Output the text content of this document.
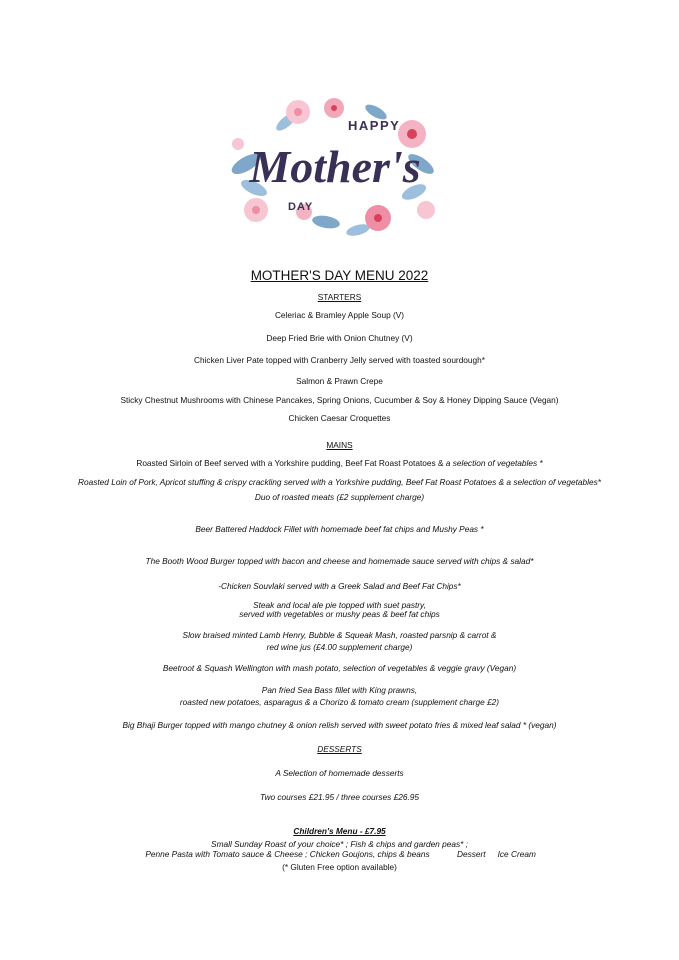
HAPPY
Mother's
DAY
MOTHER'S DAY MENU 2022
STARTERS
Celeriac & Bramley Apple Soup (V)
Deep Fried Brie with Onion Chutney (V)
Chicken Liver Pate topped with Cranberry Jelly served with toasted sourdough*
Salmon & Prawn Crepe
Sticky Chestnut Mushrooms with Chinese Pancakes, Spring Onions, Cucumber & Soy & Honey Dipping Sauce (Vegan)
Chicken Caesar Croquettes
MAINS
Roasted Sirloin of Beef served with a Yorkshire pudding, Beef Fat Roast Potatoes & a selection of vegetables *
Roasted Loin of Pork, Apricot stuffing & crispy crackling served with a Yorkshire pudding, Beef Fat Roast Potatoes & a selection of vegetables*
Duo of roasted meats (£2 supplement charge)
Beer Battered Haddock Fillet with homemade beef fat chips and Mushy Peas *
The Booth Wood Burger topped with bacon and cheese and homemade sauce served with chips & salad*
-Chicken Souvlaki served with a Greek Salad and Beef Fat Chips*
Steak and local ale pie topped with suet pastry,
served with vegetables or mushy peas & beef fat chips
Slow braised minted Lamb Henry, Bubble & Squeak Mash, roasted parsnip & carrot &
red wine jus (£4.00 supplement charge)
Beetroot & Squash Wellington with mash potato, selection of vegetables & veggie gravy (Vegan)
Pan fried Sea Bass fillet with King prawns,
roasted new potatoes, asparagus & a Chorizo & tomato cream (supplement charge £2)
Big Bhaji Burger topped with mango chutney & onion relish served with sweet potato fries & mixed leaf salad * (vegan)
DESSERTS
A Selection of homemade desserts
Two courses £21.95 / three courses £26.95
Children's Menu - £7.95
Small Sunday Roast of your choice* ; Fish & chips and garden peas* ;
Penne Pasta with Tomato sauce & Cheese ; Chicken Goujons, chips & beans	Dessert Ice Cream
(* Gluten Free option available)
